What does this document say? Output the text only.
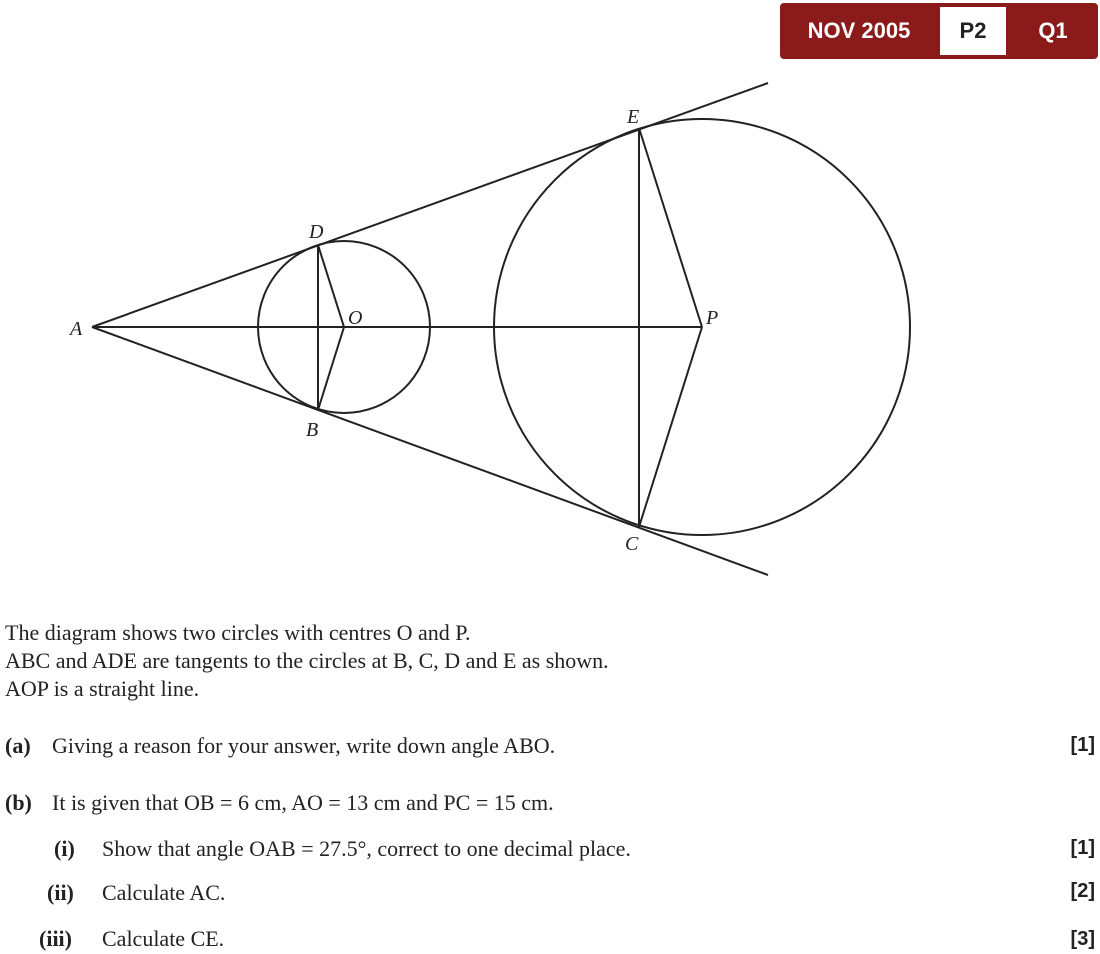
NOV 2005	P2	Q1
A
D
O
B
E
P
C
The diagram shows two circles with centres O and P.
ABC and ADE are tangents to the circles at B, C, D and E as shown.
AOP is a straight line.
(a) Giving a reason for your answer, write down angle ABO.	[1]
(b) It is given that OB = 6 cm, AO = 13 cm and PC = 15 cm.
(i) Show that angle OAB = 27.5°, correct to one decimal place.	[1]
(ii) Calculate AC.	[2]
(iii) Calculate CE.	[3]
